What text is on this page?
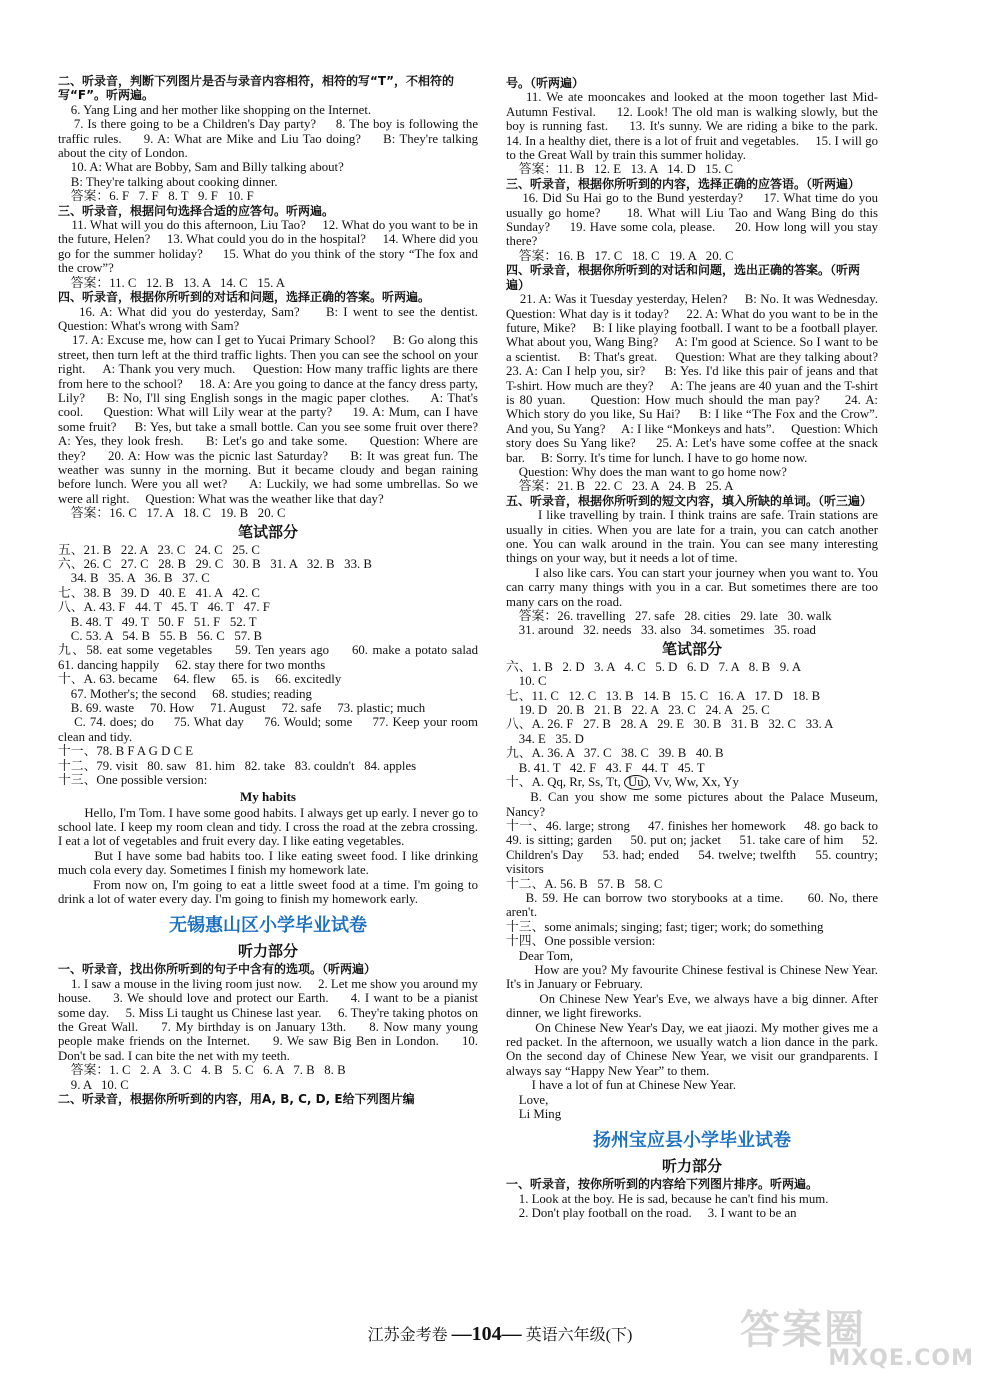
二、听录音，判断下列图片是否与录音内容相符，相符的写“T”，不相符的写“F”。听两遍。
6. Yang Ling and her mother like shopping on the Internet.
7. Is there going to be a Children's Day party?     8. The boy is following the traffic rules.     9. A: What are Mike and Liu Tao doing?     B: They're talking about the city of London.
10. A: What are Bobby, Sam and Billy talking about?
B: They're talking about cooking dinner.
答案：6. F   7. F   8. T   9. F   10. F
三、听录音，根据问句选择合适的应答句。听两遍。
11. What will you do this afternoon, Liu Tao?     12. What do you want to be in the future, Helen?     13. What could you do in the hospital?     14. Where did you go for the summer holiday?     15. What do you think of the story “The fox and the crow”?
答案：11. C   12. B   13. A   14. C   15. A
四、听录音，根据你所听到的对话和问题，选择正确的答案。听两遍。
16. A: What did you do yesterday, Sam?     B: I went to see the dentist.     Question: What's wrong with Sam?
17. A: Excuse me, how can I get to Yucai Primary School?     B: Go along this street, then turn left at the third traffic lights. Then you can see the school on your right.     A: Thank you very much.     Question: How many traffic lights are there from here to the school?     18. A: Are you going to dance at the fancy dress party, Lily?     B: No, I'll sing English songs in the magic paper clothes.     A: That's cool.     Question: What will Lily wear at the party?     19. A: Mum, can I have some fruit?     B: Yes, but take a small bottle. Can you see some fruit over there?     A: Yes, they look fresh.     B: Let's go and take some.     Question: Where are they?     20. A: How was the picnic last Saturday?     B: It was great fun. The weather was sunny in the morning. But it became cloudy and began raining before lunch. Were you all wet?     A: Luckily, we had some umbrellas. So we were all right.     Question: What was the weather like that day?
答案：16. C   17. A   18. C   19. B   20. C
笔试部分
五、21. B   22. A   23. C   24. C   25. C
六、26. C   27. C   28. B   29. C   30. B   31. A   32. B   33. B
34. B   35. A   36. B   37. C
七、38. B   39. D   40. E   41. A   42. C
八、A. 43. F   44. T   45. T   46. T   47. F
B. 48. T   49. T   50. F   51. F   52. T
C. 53. A   54. B   55. B   56. C   57. B
九、58. eat some vegetables     59. Ten years ago     60. make a potato salad     61. dancing happily     62. stay there for two months
十、A. 63. became     64. flew     65. is     66. excitedly
67. Mother's; the second     68. studies; reading
B. 69. waste     70. How     71. August     72. safe     73. plastic; much
C. 74. does; do     75. What day     76. Would; some     77. Keep your room clean and tidy.
十一、78. B F A G D C E
十二、79. visit   80. saw   81. him   82. take   83. couldn't   84. apples
十三、One possible version:
My habits
Hello, I'm Tom. I have some good habits. I always get up early. I never go to school late. I keep my room clean and tidy. I cross the road at the zebra crossing. I eat a lot of vegetables and fruit every day. I like eating vegetables.
But I have some bad habits too. I like eating sweet food. I like drinking much cola every day. Sometimes I finish my homework late.
From now on, I'm going to eat a little sweet food at a time. I'm going to drink a lot of water every day. I'm going to finish my homework early.
无锡惠山区小学毕业试卷
听力部分
一、听录音，找出你所听到的句子中含有的选项。（听两遍）
1. I saw a mouse in the living room just now.     2. Let me show you around my house.     3. We should love and protect our Earth.     4. I want to be a pianist some day.     5. Miss Li taught us Chinese last year.     6. They're taking photos on the Great Wall.     7. My birthday is on January 13th.     8. Now many young people make friends on the Internet.     9. We saw Big Ben in London.     10. Don't be sad. I can bite the net with my teeth.
答案：1. C   2. A   3. C   4. B   5. C   6. A   7. B   8. B
9. A   10. C
二、听录音，根据你所听到的内容，用A, B, C, D, E给下列图片编
号。（听两遍）
11. We ate mooncakes and looked at the moon together last Mid-Autumn Festival.     12. Look! The old man is walking slowly, but the boy is running fast.     13. It's sunny. We are riding a bike to the park.     14. In a healthy diet, there is a lot of fruit and vegetables.     15. I will go to the Great Wall by train this summer holiday.
答案：11. B   12. E   13. A   14. D   15. C
三、听录音，根据你所听到的内容，选择正确的应答语。（听两遍）
16. Did Su Hai go to the Bund yesterday?     17. What time do you usually go home?     18. What will Liu Tao and Wang Bing do this Sunday?     19. Have some cola, please.     20. How long will you stay there?
答案：16. B   17. C   18. C   19. A   20. C
四、听录音，根据你所听到的对话和问题，选出正确的答案。（听两遍）
21. A: Was it Tuesday yesterday, Helen?     B: No. It was Wednesday.     Question: What day is it today?     22. A: What do you want to be in the future, Mike?     B: I like playing football. I want to be a football player. What about you, Wang Bing?     A: I'm good at Science. So I want to be a scientist.     B: That's great.     Question: What are they talking about?     23. A: Can I help you, sir?     B: Yes. I'd like this pair of jeans and that T-shirt. How much are they?     A: The jeans are 40 yuan and the T-shirt is 80 yuan.     Question: How much should the man pay?     24. A: Which story do you like, Su Hai?     B: I like “The Fox and the Crow”. And you, Su Yang?     A: I like “Monkeys and hats”.     Question: Which story does Su Yang like?     25. A: Let's have some coffee at the snack bar.     B: Sorry. It's time for lunch. I have to go home now.
Question: Why does the man want to go home now?
答案：21. B   22. C   23. A   24. B   25. A
五、听录音，根据你所听到的短文内容，填入所缺的单词。（听三遍）
I like travelling by train. I think trains are safe. Train stations are usually in cities. When you are late for a train, you can catch another one. You can walk around in the train. You can see many interesting things on your way, but it needs a lot of time.
I also like cars. You can start your journey when you want to. You can carry many things with you in a car. But sometimes there are too many cars on the road.
答案：26. travelling   27. safe   28. cities   29. late   30. walk
31. around   32. needs   33. also   34. sometimes   35. road
笔试部分
六、1. B   2. D   3. A   4. C   5. D   6. D   7. A   8. B   9. A
10. C
七、11. C   12. C   13. B   14. B   15. C   16. A   17. D   18. B
19. D   20. B   21. B   22. A   23. C   24. A   25. C
八、A. 26. F   27. B   28. A   29. E   30. B   31. B   32. C   33. A
34. E   35. D
九、A. 36. A   37. C   38. C   39. B   40. B
B. 41. T   42. F   43. F   44. T   45. T
十、A. Qq, Rr, Ss, Tt, Uu , Vv, Ww, Xx, Yy
B. Can you show me some pictures about the Palace Museum, Nancy?
十一、46. large; strong     47. finishes her homework     48. go back to     49. is sitting; garden     50. put on; jacket     51. take care of him     52. Children's Day     53. had; ended     54. twelve; twelfth     55. country; visitors
十二、A. 56. B   57. B   58. C
B. 59. He can borrow two storybooks at a time.     60. No, there aren't.
十三、some animals; singing; fast; tiger; work; do something
十四、One possible version:
Dear Tom,
How are you? My favourite Chinese festival is Chinese New Year. It's in January or February.
On Chinese New Year's Eve, we always have a big dinner. After dinner, we light fireworks.
On Chinese New Year's Day, we eat jiaozi. My mother gives me a red packet. In the afternoon, we usually watch a lion dance in the park. On the second day of Chinese New Year, we visit our grandparents. I always say “Happy New Year” to them.
I have a lot of fun at Chinese New Year.
Love,
Li Ming
扬州宝应县小学毕业试卷
听力部分
一、听录音，按你所听到的内容给下列图片排序。听两遍。
1. Look at the boy. He is sad, because he can't find his mum.
2. Don't play football on the road.     3. I want to be an
江苏金考卷 —104— 英语六年级(下)	答案圈
MXQE.COM
